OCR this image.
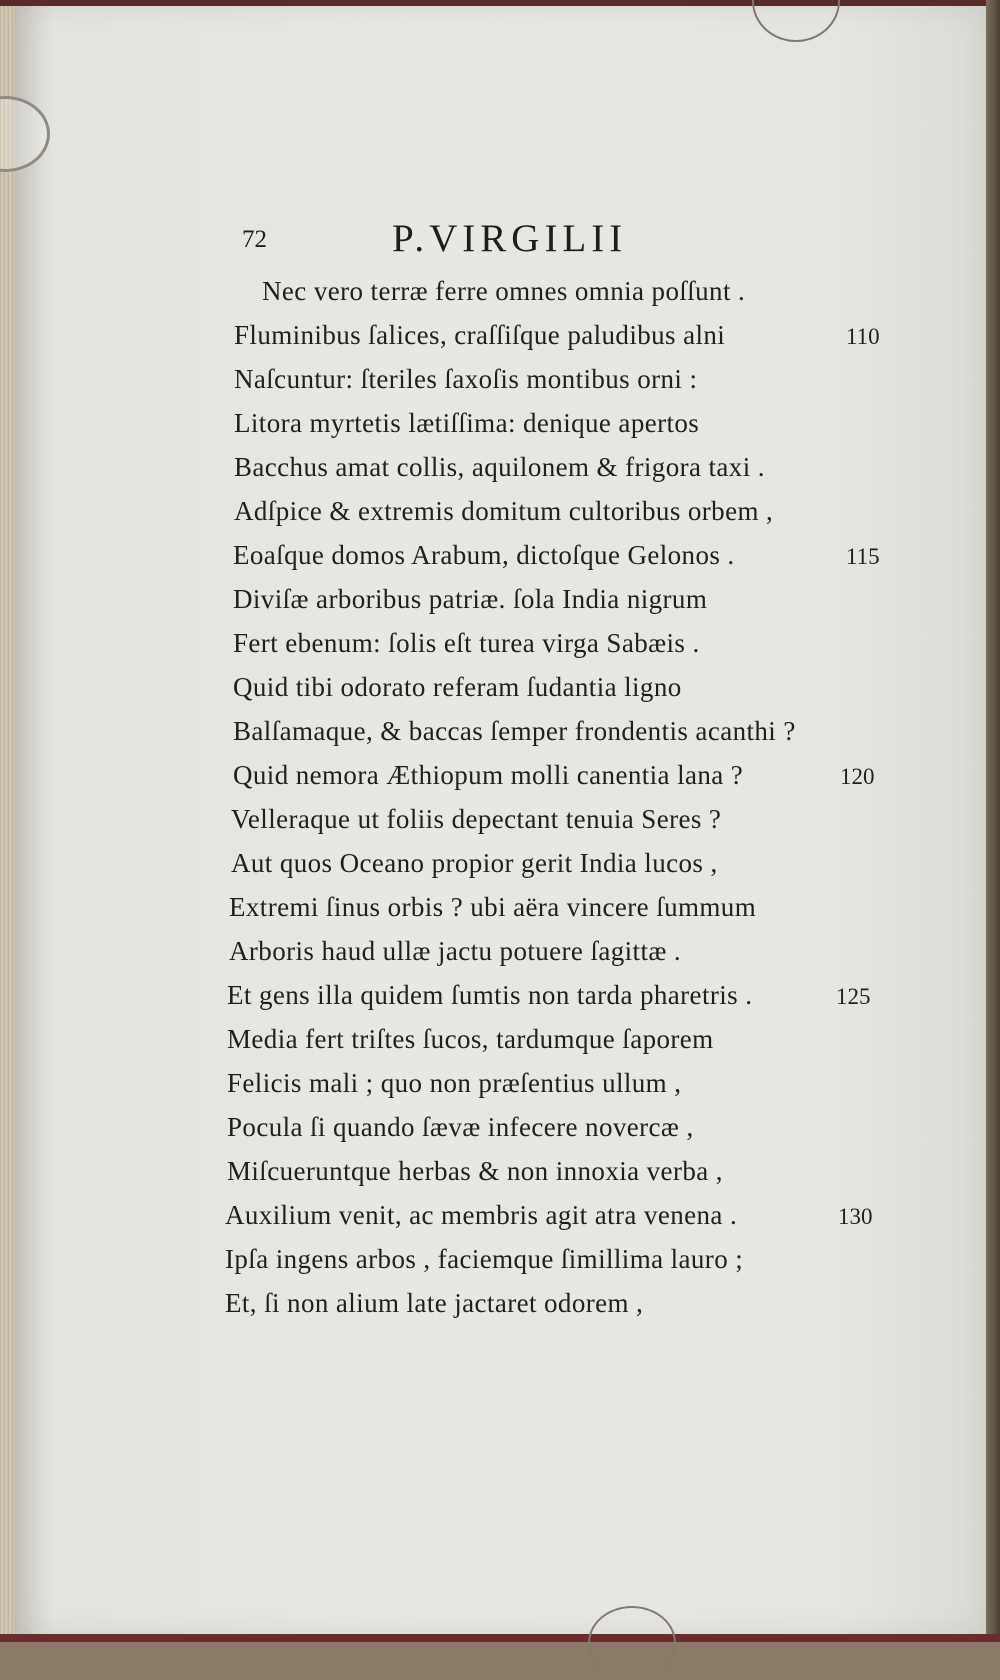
72	P.VIRGILII
Nec vero terræ ferre omnes omnia poſſunt .
Fluminibus ſalices, craſſiſque paludibus alni	110
Naſcuntur: ſteriles ſaxoſis montibus orni :
Litora myrtetis lætiſſima: denique apertos
Bacchus amat collis, aquilonem & frigora taxi .
Adſpice & extremis domitum cultoribus orbem ,
Eoaſque domos Arabum, dictoſque Gelonos .	115
Diviſæ arboribus patriæ. ſola India nigrum
Fert ebenum: ſolis eſt turea virga Sabæis .
Quid tibi odorato referam ſudantia ligno
Balſamaque, & baccas ſemper frondentis acanthi ?
Quid nemora Æthiopum molli canentia lana ?	120
Velleraque ut foliis depectant tenuia Seres ?
Aut quos Oceano propior gerit India lucos ,
Extremi ſinus orbis ? ubi aëra vincere ſummum
Arboris haud ullæ jactu potuere ſagittæ .
Et gens illa quidem ſumtis non tarda pharetris .	125
Media fert triſtes ſucos, tardumque ſaporem
Felicis mali ; quo non præſentius ullum ,
Pocula ſi quando ſævæ infecere novercæ ,
Miſcueruntque herbas & non innoxia verba ,
Auxilium venit, ac membris agit atra venena .	130
Ipſa ingens arbos , faciemque ſimillima lauro ;
Et, ſi non alium late jactaret odorem ,
